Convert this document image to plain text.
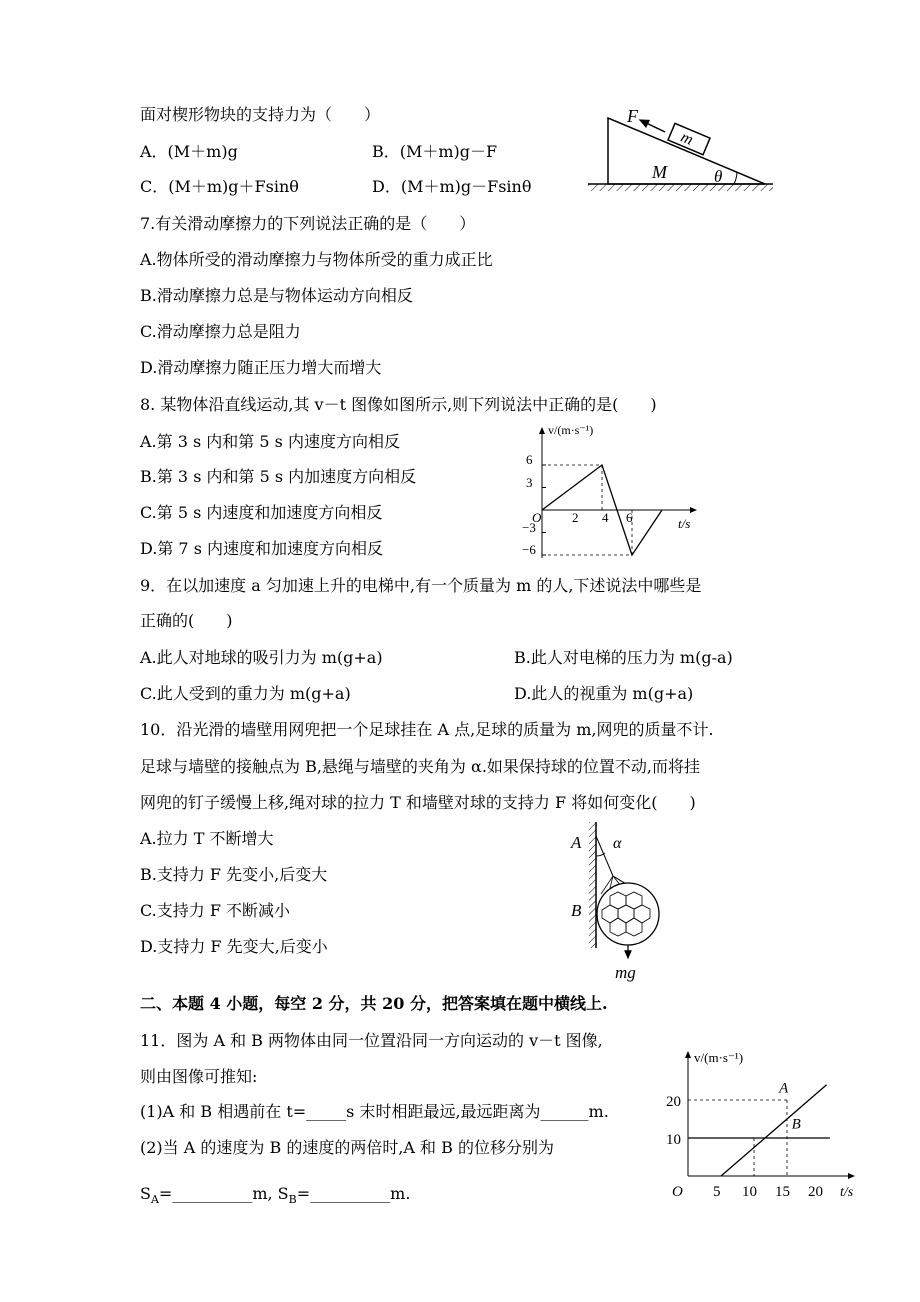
面对楔形物块的支持力为（　　）
A．(M＋m)g	B．(M＋m)g－F
C．(M＋m)g＋Fsinθ	D．(M＋m)g－Fsinθ
m
F
M	θ
7.有关滑动摩擦力的下列说法正确的是（　　）
A.物体所受的滑动摩擦力与物体所受的重力成正比
B.滑动摩擦力总是与物体运动方向相反
C.滑动摩擦力总是阻力
D.滑动摩擦力随正压力增大而增大
8. 某物体沿直线运动,其 v－t 图像如图所示,则下列说法中正确的是(　　)
A.第 3 s 内和第 5 s 内速度方向相反
B.第 3 s 内和第 5 s 内加速度方向相反
C.第 5 s 内速度和加速度方向相反
D.第 7 s 内速度和加速度方向相反
v/(m·s⁻¹)
t/s
6
3
−3
−6
O 2 4 6
9．在以加速度 a 匀加速上升的电梯中,有一个质量为 m 的人,下述说法中哪些是
正确的(　　)
A.此人对地球的吸引力为 m(g+a)	B.此人对电梯的压力为 m(g-a)
C.此人受到的重力为 m(g+a)	D.此人的视重为 m(g+a)
10．沿光滑的墙壁用网兜把一个足球挂在 A 点,足球的质量为 m,网兜的质量不计.
足球与墙壁的接触点为 B,悬绳与墙壁的夹角为 α.如果保持球的位置不动,而将挂
网兜的钉子缓慢上移,绳对球的拉力 T 和墙壁对球的支持力 F 将如何变化(　　)
A.拉力 T 不断增大
B.支持力 F 先变小,后变大
C.支持力 F 不断减小
D.支持力 F 先变大,后变小
A
B
α
mg
二、本题 4 小题，每空 2 分，共 20 分，把答案填在题中横线上.
11．图为 A 和 B 两物体由同一位置沿同一方向运动的 v－t 图像,
则由图像可推知:
(1)A 和 B 相遇前在 t=_____s 末时相距最远,最远距离为______m.
(2)当 A 的速度为 B 的速度的两倍时,A 和 B 的位移分别为
$S_A=\_\_\_\_\_\_\_\_\_\_m$, $S_B=\_\_\_\_\_\_\_\_\_\_m$.
v/(m·s⁻¹)
t/s
O 5 10 15 20
10
20
A
B
